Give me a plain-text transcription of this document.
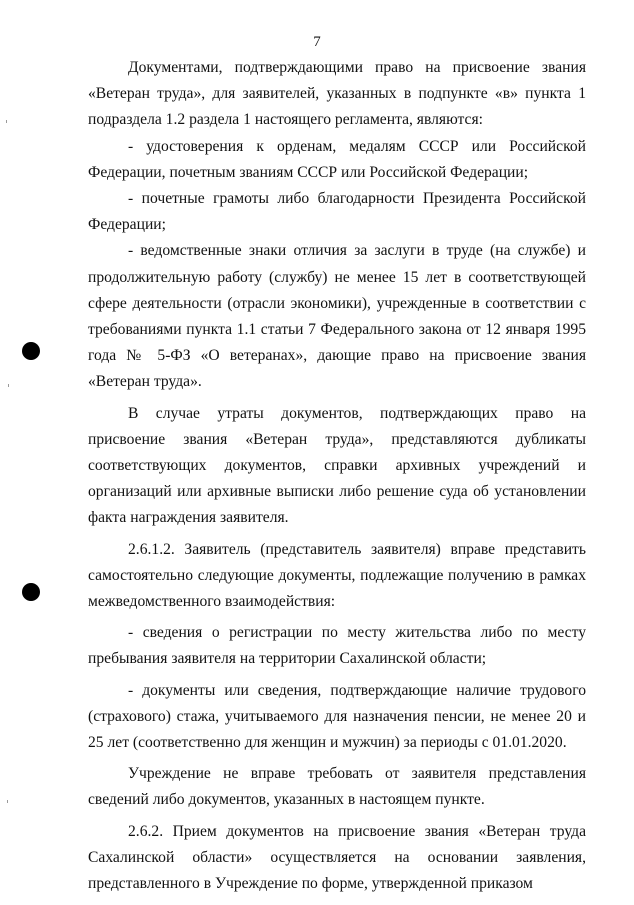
7

Документами, подтверждающими право на присвоение звания «Ветеран труда», для заявителей, указанных в подпункте «в» пункта 1 подраздела 1.2 раздела 1 настоящего регламента, являются:

- удостоверения к орденам, медалям СССР или Российской Федерации, почетным званиям СССР или Российской Федерации;

- почетные грамоты либо благодарности Президента Российской Федерации;

- ведомственные знаки отличия за заслуги в труде (на службе) и продолжительную работу (службу) не менее 15 лет в соответствующей сфере деятельности (отрасли экономики), учрежденные в соответствии с требованиями пункта 1.1 статьи 7 Федерального закона от 12 января 1995 года № 5-ФЗ «О ветеранах», дающие право на присвоение звания «Ветеран труда».

В случае утраты документов, подтверждающих право на присвоение звания «Ветеран труда», представляются дубликаты соответствующих документов, справки архивных учреждений и организаций или архивные выписки либо решение суда об установлении факта награждения заявителя.

2.6.1.2. Заявитель (представитель заявителя) вправе представить самостоятельно следующие документы, подлежащие получению в рамках межведомственного взаимодействия:

- сведения о регистрации по месту жительства либо по месту пребывания заявителя на территории Сахалинской области;

- документы или сведения, подтверждающие наличие трудового (страхового) стажа, учитываемого для назначения пенсии, не менее 20 и 25 лет (соответственно для женщин и мужчин) за периоды с 01.01.2020.

Учреждение не вправе требовать от заявителя представления сведений либо документов, указанных в настоящем пункте.

2.6.2. Прием документов на присвоение звания «Ветеран труда Сахалинской области» осуществляется на основании заявления, представленного в Учреждение по форме, утвержденной приказом
